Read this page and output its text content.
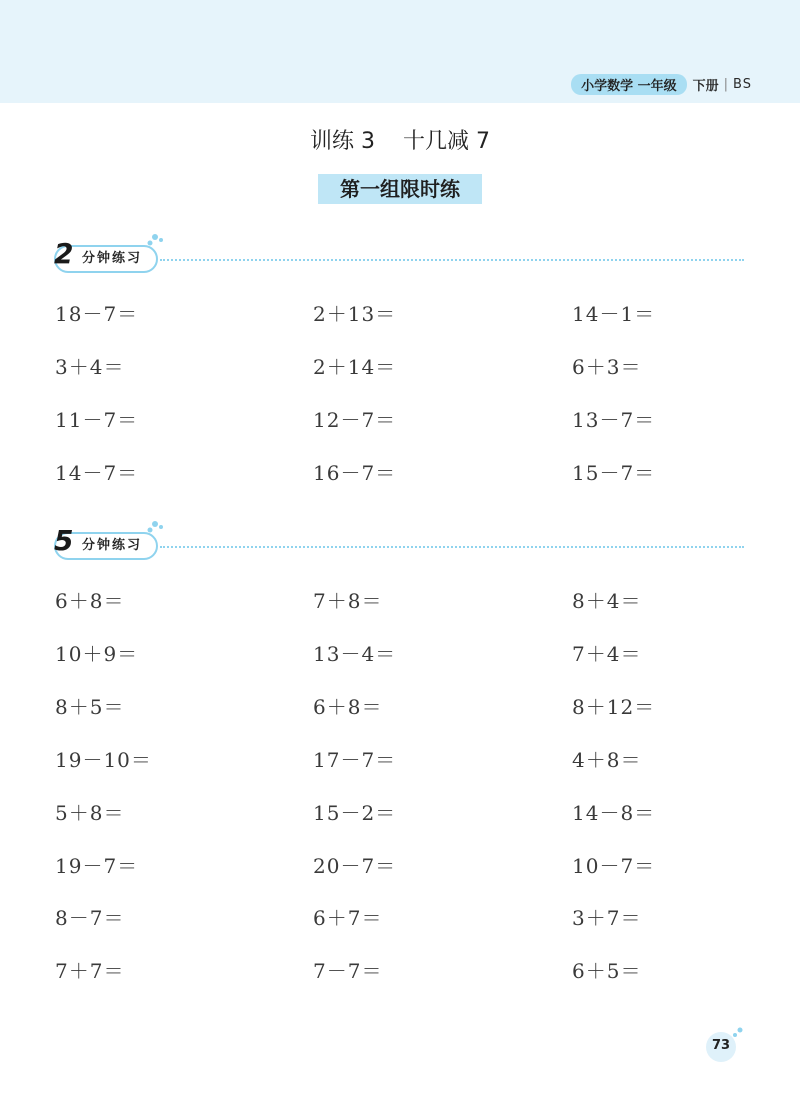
小学数学 一年级	下册 | BS
训练 3    十几减 7
第一组限时练
2 分钟练习
18－7＝	2＋13＝	14－1＝
3＋4＝	2＋14＝	6＋3＝
11－7＝	12－7＝	13－7＝
14－7＝	16－7＝	15－7＝
5 分钟练习
6＋8＝	7＋8＝	8＋4＝
10＋9＝	13－4＝	7＋4＝
8＋5＝	6＋8＝	8＋12＝
19－10＝	17－7＝	4＋8＝
5＋8＝	15－2＝	14－8＝
19－7＝	20－7＝	10－7＝
8－7＝	6＋7＝	3＋7＝
7＋7＝	7－7＝	6＋5＝
73
